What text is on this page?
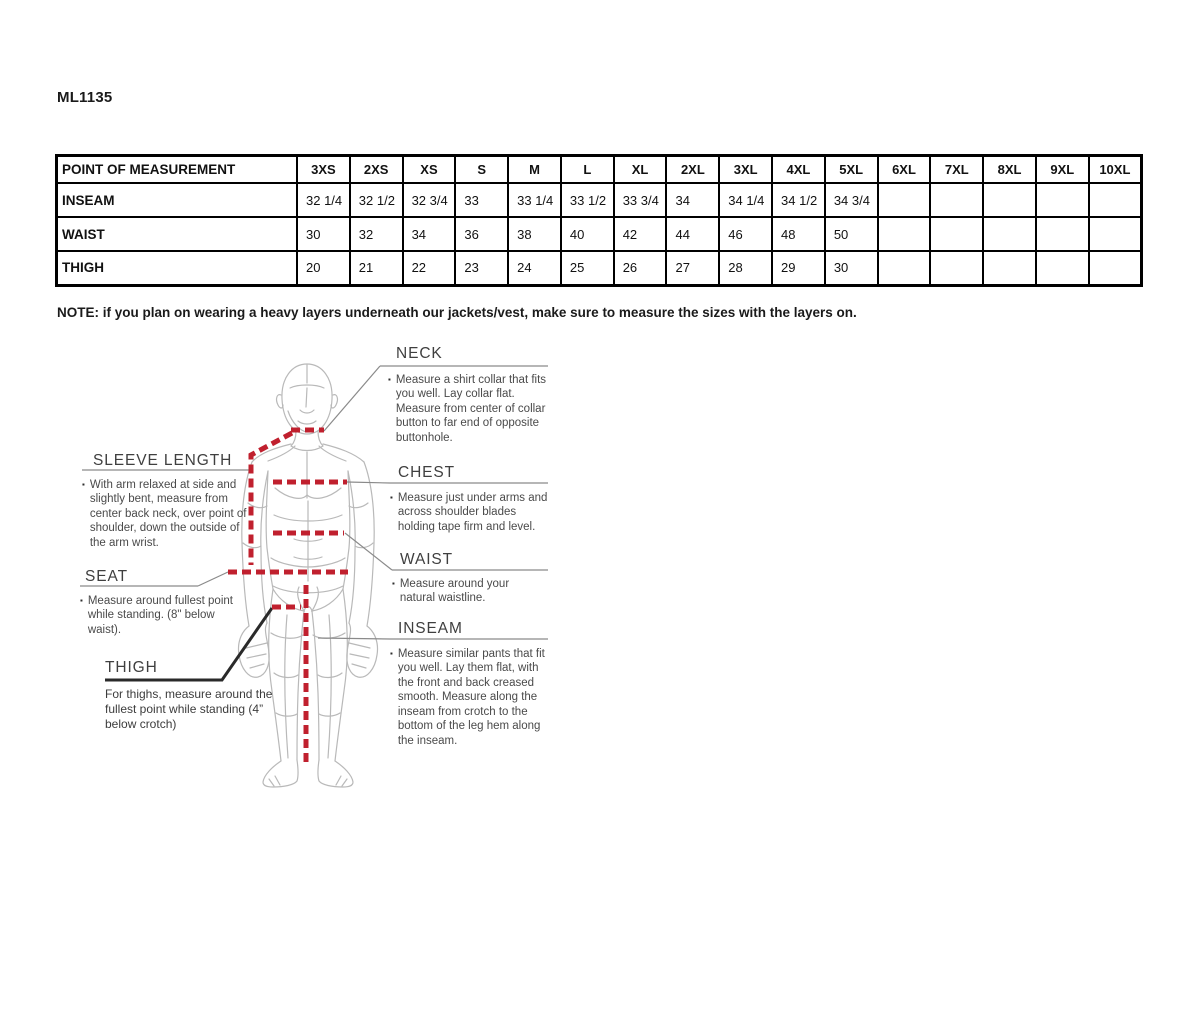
ML1135
POINT OF MEASUREMENT	3XS	2XS	XS	S	M	L	XL	2XL	3XL	4XL	5XL	6XL	7XL	8XL	9XL	10XL
INSEAM	32 1/4	32 1/2	32 3/4	33	33 1/4	33 1/2	33 3/4	34	34 1/4	34 1/2	34 3/4					
WAIST	30	32	34	36	38	40	42	44	46	48	50					
THIGH	20	21	22	23	24	25	26	27	28	29	30					
NOTE: if you plan on wearing a heavy layers underneath our jackets/vest, make sure to measure the sizes with the layers on.
NECK
▪ Measure a shirt collar that fits you well. Lay collar flat. Measure from center of collar button to far end of opposite buttonhole.
SLEEVE LENGTH
▪ With arm relaxed at side and slightly bent, measure from center back neck, over point of shoulder, down the outside of the arm wrist.
CHEST
▪ Measure just under arms and across shoulder blades holding tape firm and level.
WAIST
▪ Measure around your natural waistline.
SEAT
▪ Measure around fullest point while standing. (8" below waist).	INSEAM
▪ Measure similar pants that fit you well. Lay them flat, with the front and back creased smooth. Measure along the inseam from crotch to the bottom of the leg hem along the inseam.
THIGH
For thighs, measure around the fullest point while standing (4” below crotch)
